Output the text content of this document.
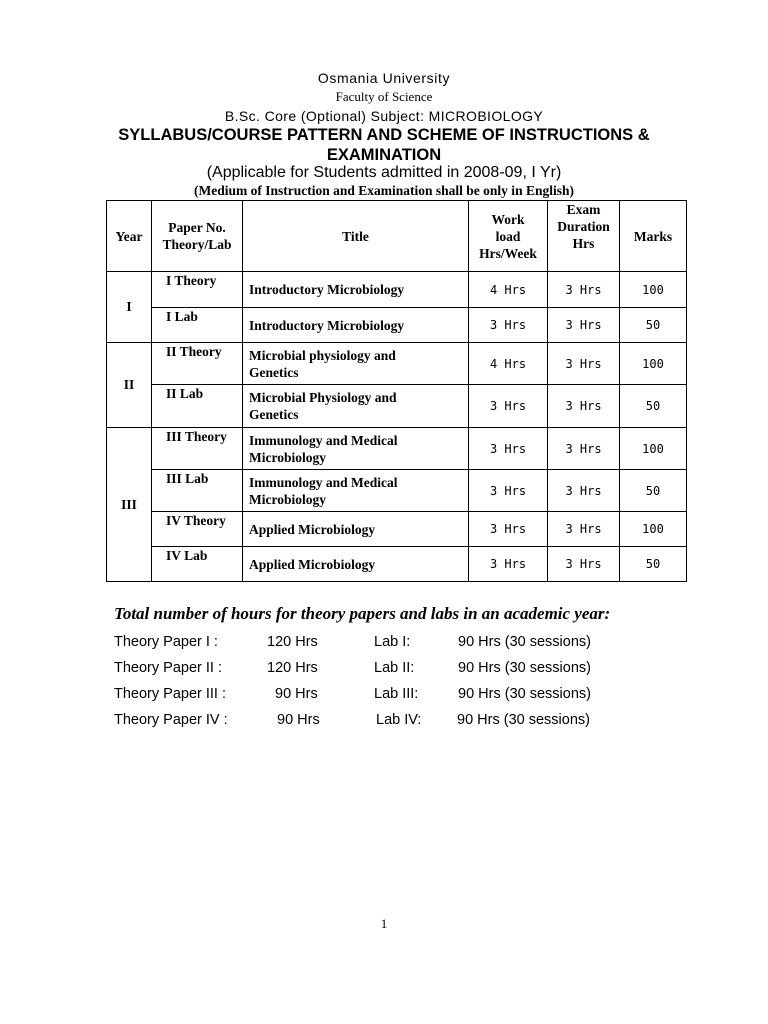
Osmania University
Faculty of Science
B.Sc. Core (Optional) Subject: MICROBIOLOGY
SYLLABUS/COURSE PATTERN AND SCHEME OF INSTRUCTIONS &
EXAMINATION
(Applicable for Students admitted in 2008-09, I Yr)
(Medium of Instruction and Examination shall be only in English)
Year	Paper No.
Theory/Lab	Title	Work
load
Hrs/Week	Exam
Duration
Hrs	Marks
I	I Theory	Introductory Microbiology	4 Hrs	3 Hrs	100
	I Lab	Introductory Microbiology	3 Hrs	3 Hrs	50
II	II Theory	Microbial physiology and
Genetics	4 Hrs	3 Hrs	100
	II Lab	Microbial Physiology and
Genetics	3 Hrs	3 Hrs	50
III	III Theory	Immunology and Medical
Microbiology	3 Hrs	3 Hrs	100
	III Lab	Immunology and Medical
Microbiology	3 Hrs	3 Hrs	50
	IV Theory	Applied Microbiology	3 Hrs	3 Hrs	100
	IV Lab	Applied Microbiology	3 Hrs	3 Hrs	50
Total number of hours for theory papers and labs in an academic year:
Theory Paper I :	120 Hrs	Lab I:	90 Hrs (30 sessions)
Theory Paper II :	120 Hrs	Lab II:	90 Hrs (30 sessions)
Theory Paper III :	90 Hrs	Lab III:	90 Hrs (30 sessions)
Theory Paper IV :	90 Hrs	Lab IV: 90 Hrs (30 sessions)
1
